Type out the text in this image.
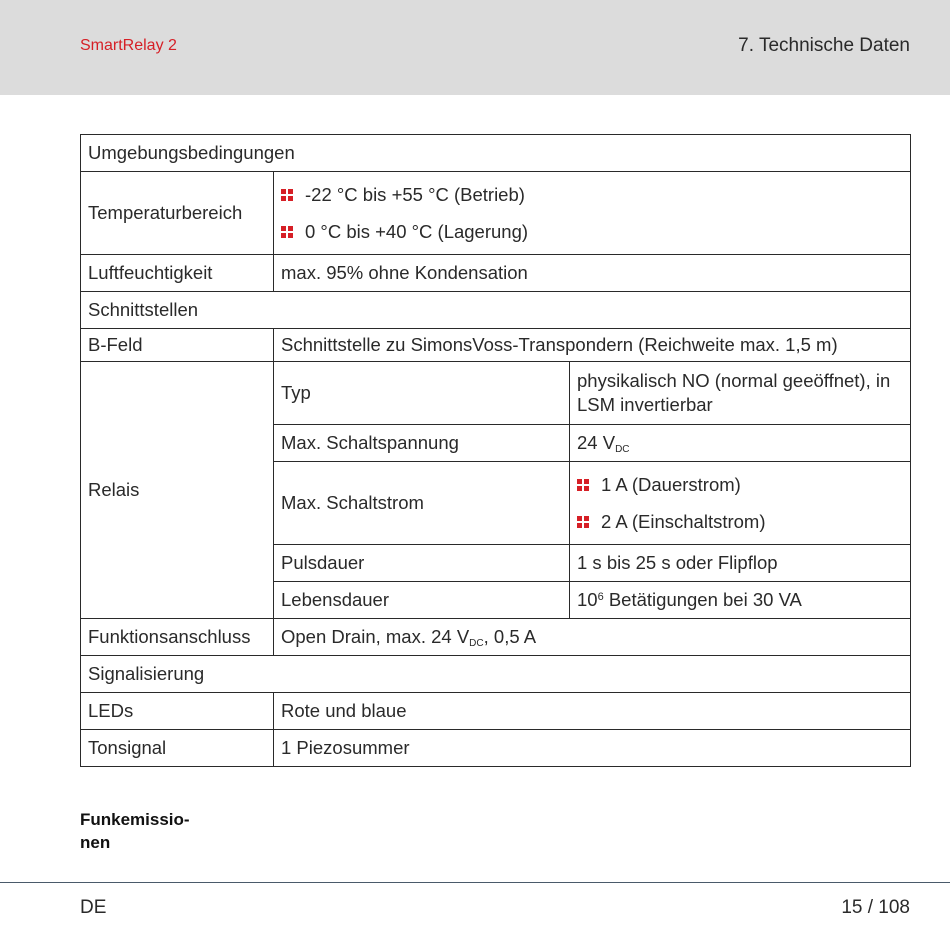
SmartRelay 2	7. Technische Daten
Umgebungsbedingungen		
Temperaturbereich	-22 °C bis +55 °C (Betrieb)
0 °C bis +40 °C (Lagerung)	

Luftfeuchtigkeit	max. 95% ohne Kondensation	
Schnittstellen		
B-Feld	Schnittstelle zu SimonsVoss-Transpondern (Reichweite max. 1,5 m)	
Relais	Typ	physikalisch NO (normal geeöffnet), in LSM invertierbar
	Max. Schaltspannung	24 $V_{DC}$
	Max. Schaltstrom	1 A (Dauerstrom)
2 A (Einschaltstrom)

	Pulsdauer	1 s bis 25 s oder Flipflop
	Lebensdauer	$10^6$ Betätigungen bei 30 VA
Funktionsanschluss	Open Drain, max. 24 $V_{DC}$, 0,5 A	
Signalisierung		
LEDs	Rote und blaue	
Tonsignal	1 Piezosummer	
Funkemissio-
nen
DE	15 / 108
